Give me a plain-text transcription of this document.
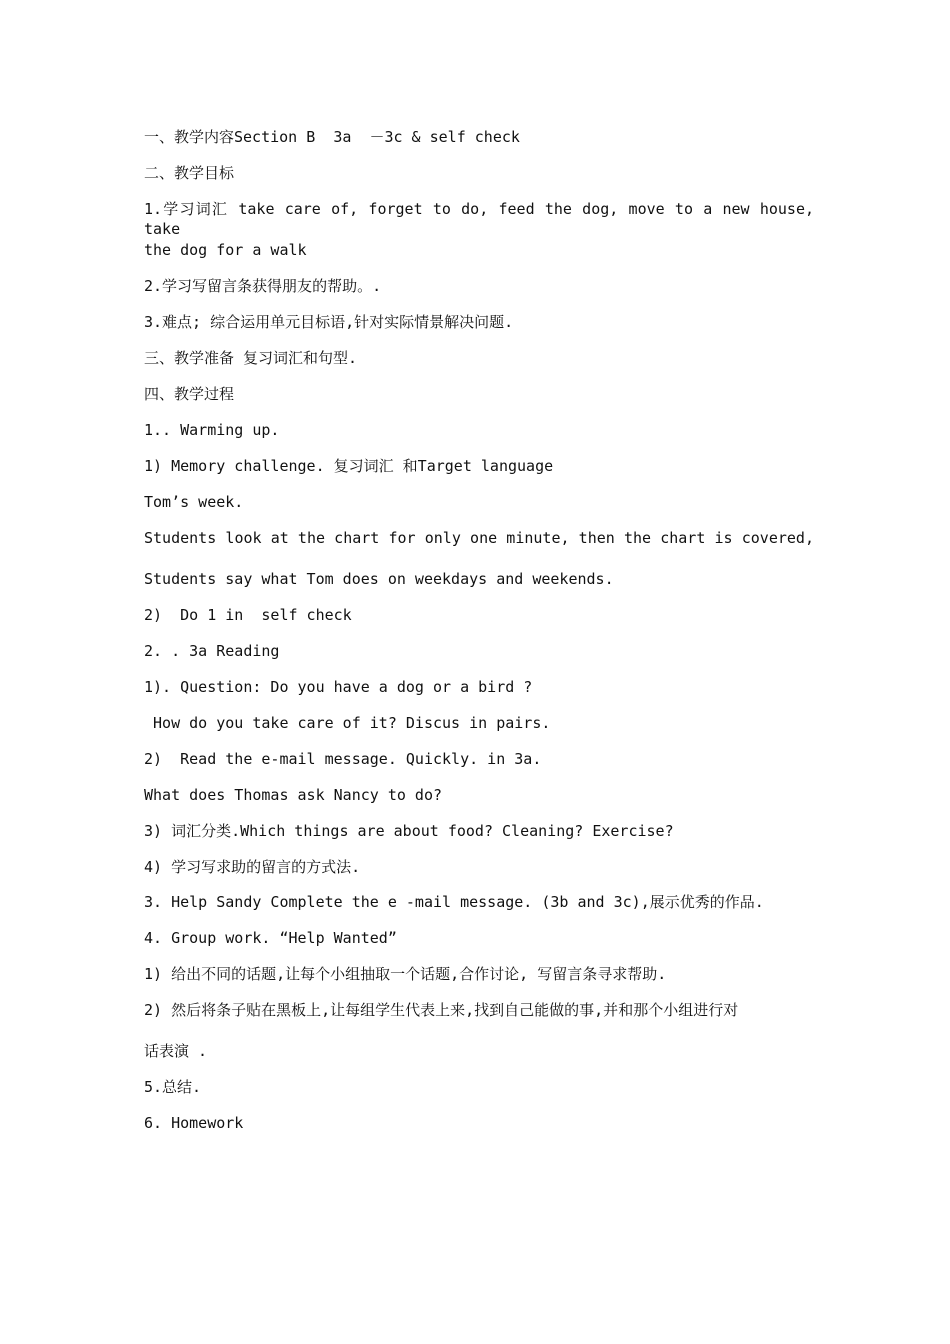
一、教学内容Section B  3a  －3c & self check
二、教学目标
1.学习词汇 take care of, forget to do, feed the dog, move to a new house, take
the dog for a walk
2.学习写留言条获得朋友的帮助。.
3.难点; 综合运用单元目标语,针对实际情景解决问题.
三、教学准备 复习词汇和句型.
四、教学过程
1.. Warming up.
1) Memory challenge. 复习词汇 和Target language
Tom’s week.
Students look at the chart for only one minute, then the chart is covered,
Students say what Tom does on weekdays and weekends.
2)  Do 1 in  self check
2. . 3a Reading
1). Question: Do you have a dog or a bird ?
How do you take care of it? Discus in pairs.
2)  Read the e-mail message. Quickly. in 3a.
What does Thomas ask Nancy to do?
3) 词汇分类.Which things are about food? Cleaning? Exercise?
4) 学习写求助的留言的方式法.
3. Help Sandy Complete the e -mail message. (3b and 3c),展示优秀的作品.
4. Group work. “Help Wanted”
1) 给出不同的话题,让每个小组抽取一个话题,合作讨论, 写留言条寻求帮助.
2) 然后将条子贴在黑板上,让每组学生代表上来,找到自己能做的事,并和那个小组进行对
话表演 .
5.总结.
6. Homework
